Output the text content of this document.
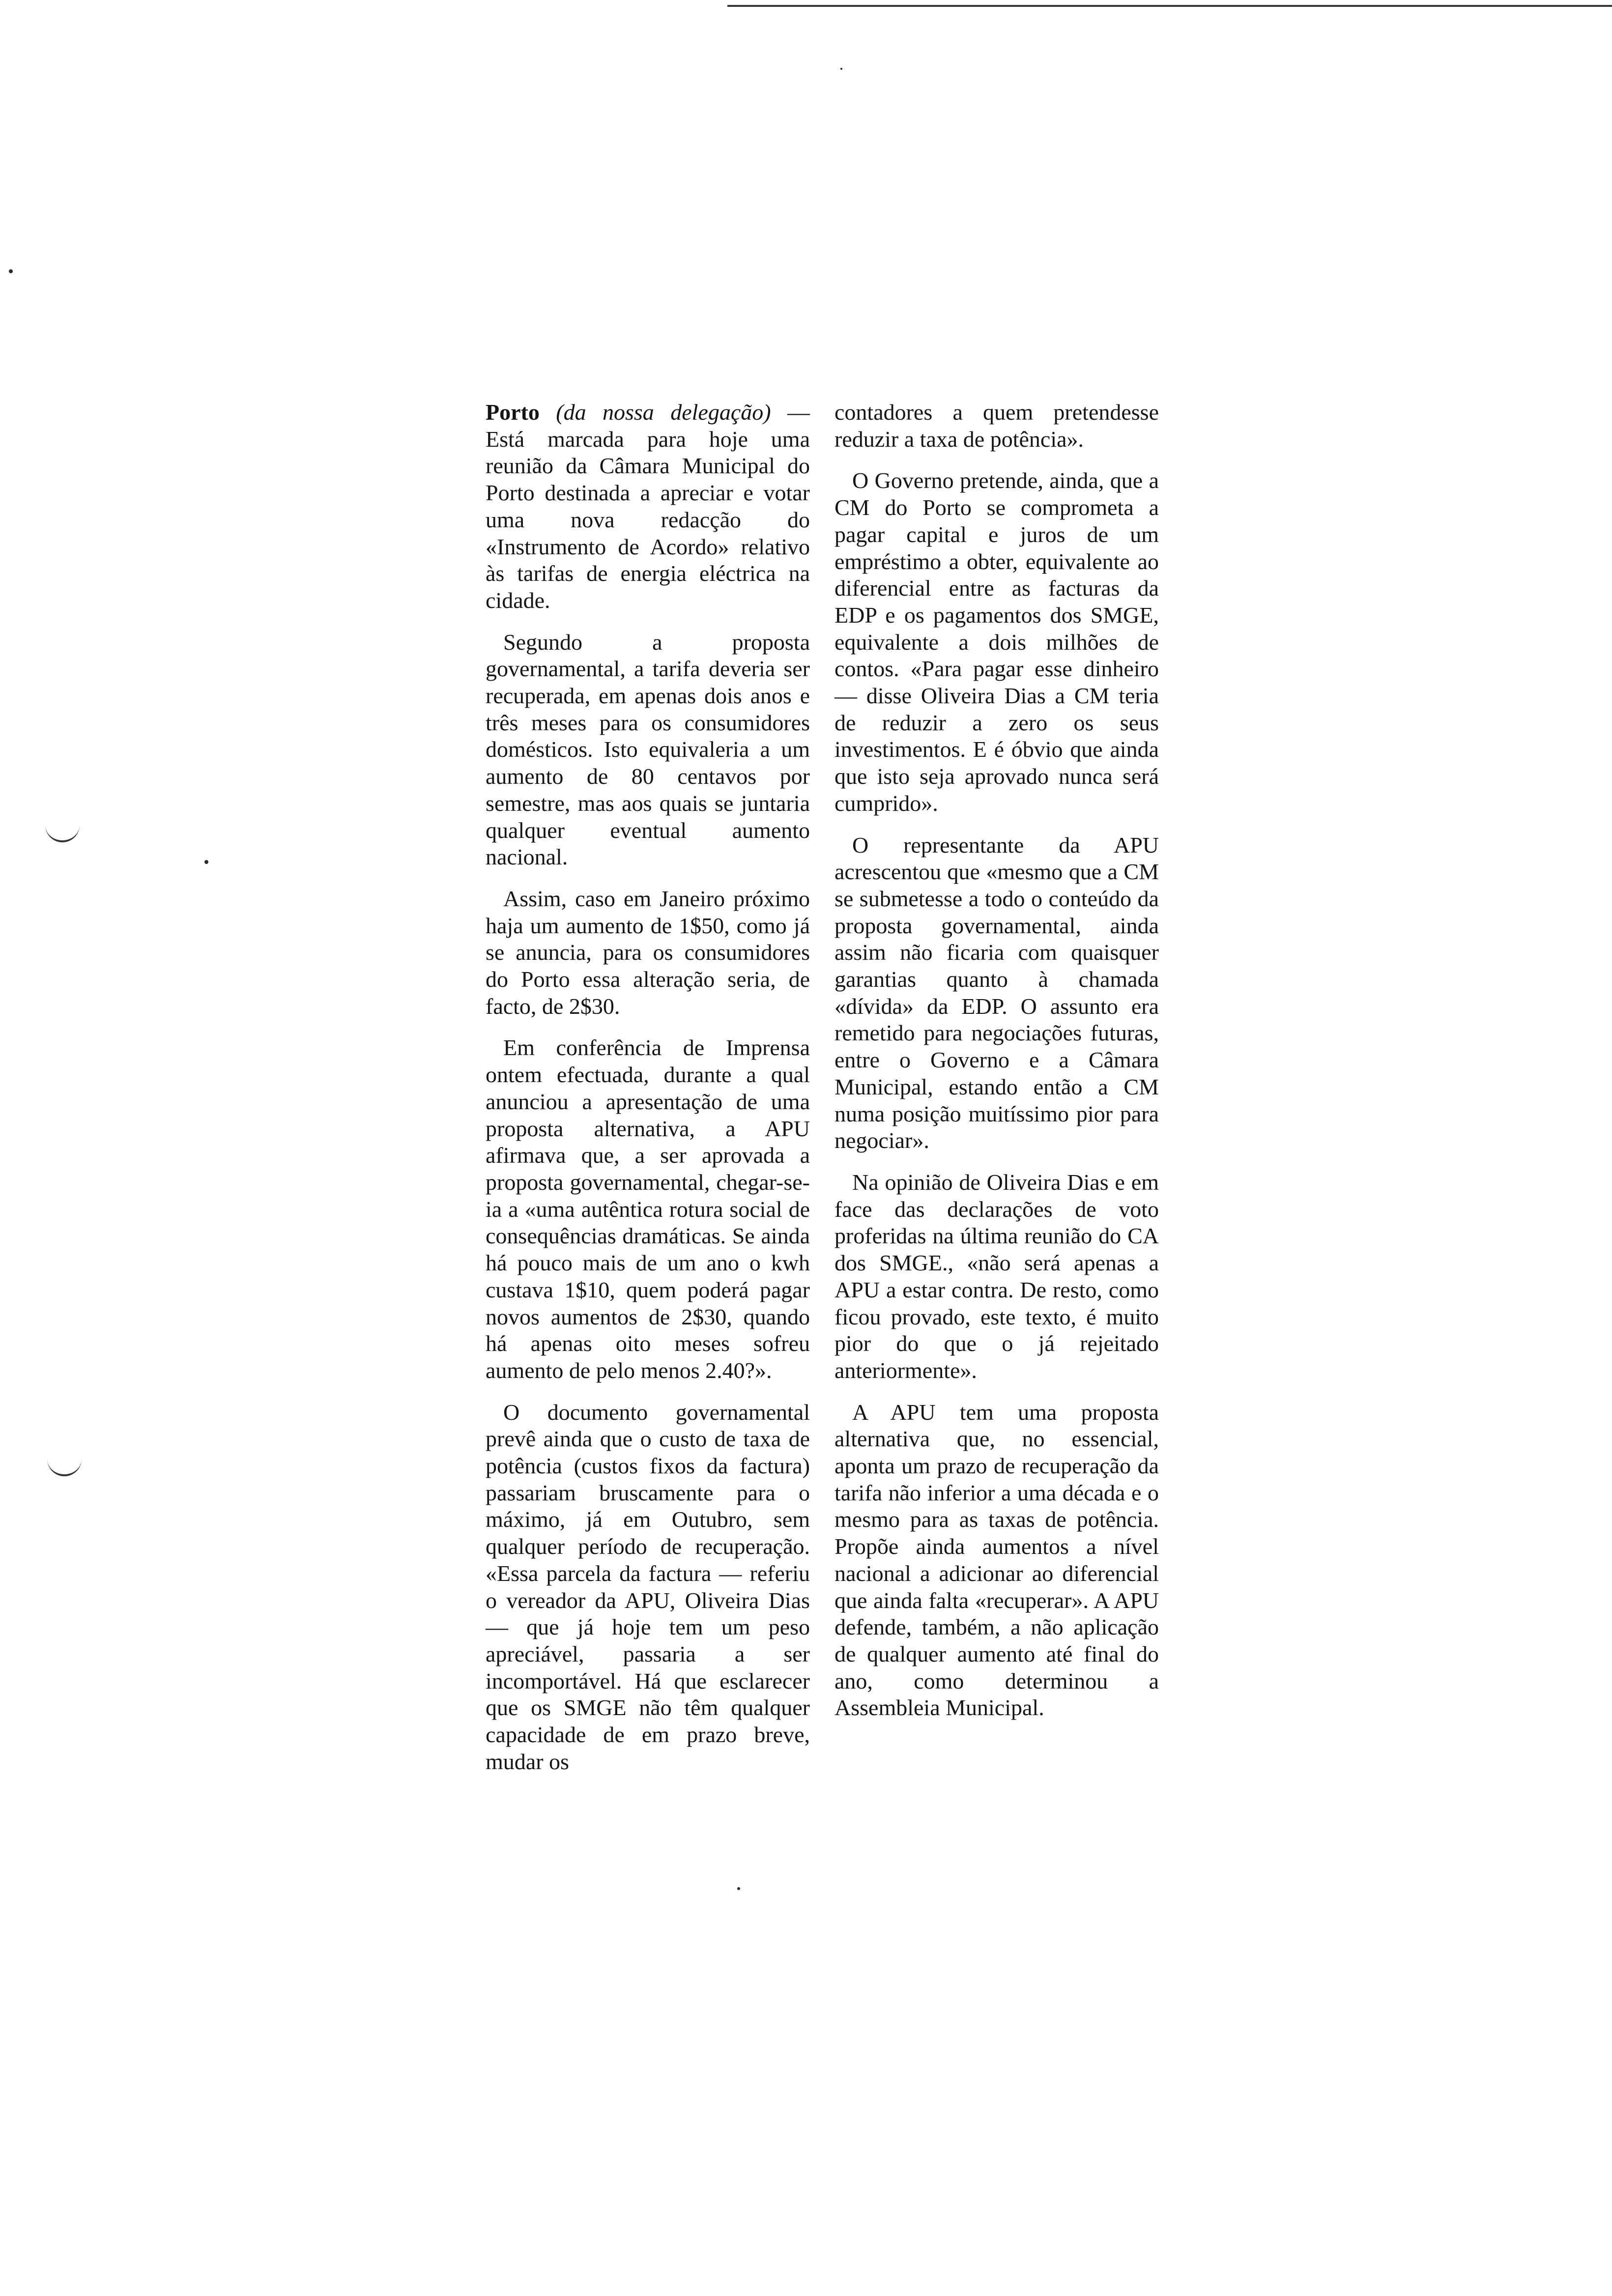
Porto (da nossa delegação) — Está marcada para hoje uma reunião da Câmara Municipal do Porto destinada a apreciar e votar uma nova redacção do «Instrumento de Acordo» relativo às tarifas de energia eléctrica na cidade.

Segundo a proposta governamental, a tarifa deveria ser recuperada, em apenas dois anos e três meses para os consumidores domésticos. Isto equivaleria a um aumento de 80 centavos por semestre, mas aos quais se juntaria qualquer eventual aumento nacional.

Assim, caso em Janeiro próximo haja um aumento de 1$50, como já se anuncia, para os consumidores do Porto essa alteração seria, de facto, de 2$30.

Em conferência de Imprensa ontem efectuada, durante a qual anunciou a apresentação de uma proposta alternativa, a APU afirmava que, a ser aprovada a proposta governamental, chegar-se-ia a «uma autêntica rotura social de consequências dramáticas. Se ainda há pouco mais de um ano o kwh custava 1$10, quem poderá pagar novos aumentos de 2$30, quando há apenas oito meses sofreu aumento de pelo menos 2.40?».

O documento governamental prevê ainda que o custo de taxa de potência (custos fixos da factura) passariam bruscamente para o máximo, já em Outubro, sem qualquer período de recuperação. «Essa parcela da factura — referiu o vereador da APU, Oliveira Dias — que já hoje tem um peso apreciável, passaria a ser incomportável. Há que esclarecer que os SMGE não têm qualquer capacidade de em prazo breve, mudar os

contadores a quem pretendesse reduzir a taxa de potência».

O Governo pretende, ainda, que a CM do Porto se comprometa a pagar capital e juros de um empréstimo a obter, equivalente ao diferencial entre as facturas da EDP e os pagamentos dos SMGE, equivalente a dois milhões de contos. «Para pagar esse dinheiro — disse Oliveira Dias a CM teria de reduzir a zero os seus investimentos. E é óbvio que ainda que isto seja aprovado nunca será cumprido».

O representante da APU acrescentou que «mesmo que a CM se submetesse a todo o conteúdo da proposta governamental, ainda assim não ficaria com quaisquer garantias quanto à chamada «dívida» da EDP. O assunto era remetido para negociações futuras, entre o Governo e a Câmara Municipal, estando então a CM numa posição muitíssimo pior para negociar».

Na opinião de Oliveira Dias e em face das declarações de voto proferidas na última reunião do CA dos SMGE., «não será apenas a APU a estar contra. De resto, como ficou provado, este texto, é muito pior do que o já rejeitado anteriormente».

A APU tem uma proposta alternativa que, no essencial, aponta um prazo de recuperação da tarifa não inferior a uma década e o mesmo para as taxas de potência. Propõe ainda aumentos a nível nacional a adicionar ao diferencial que ainda falta «recuperar». A APU defende, também, a não aplicação de qualquer aumento até final do ano, como determinou a Assembleia Municipal.
